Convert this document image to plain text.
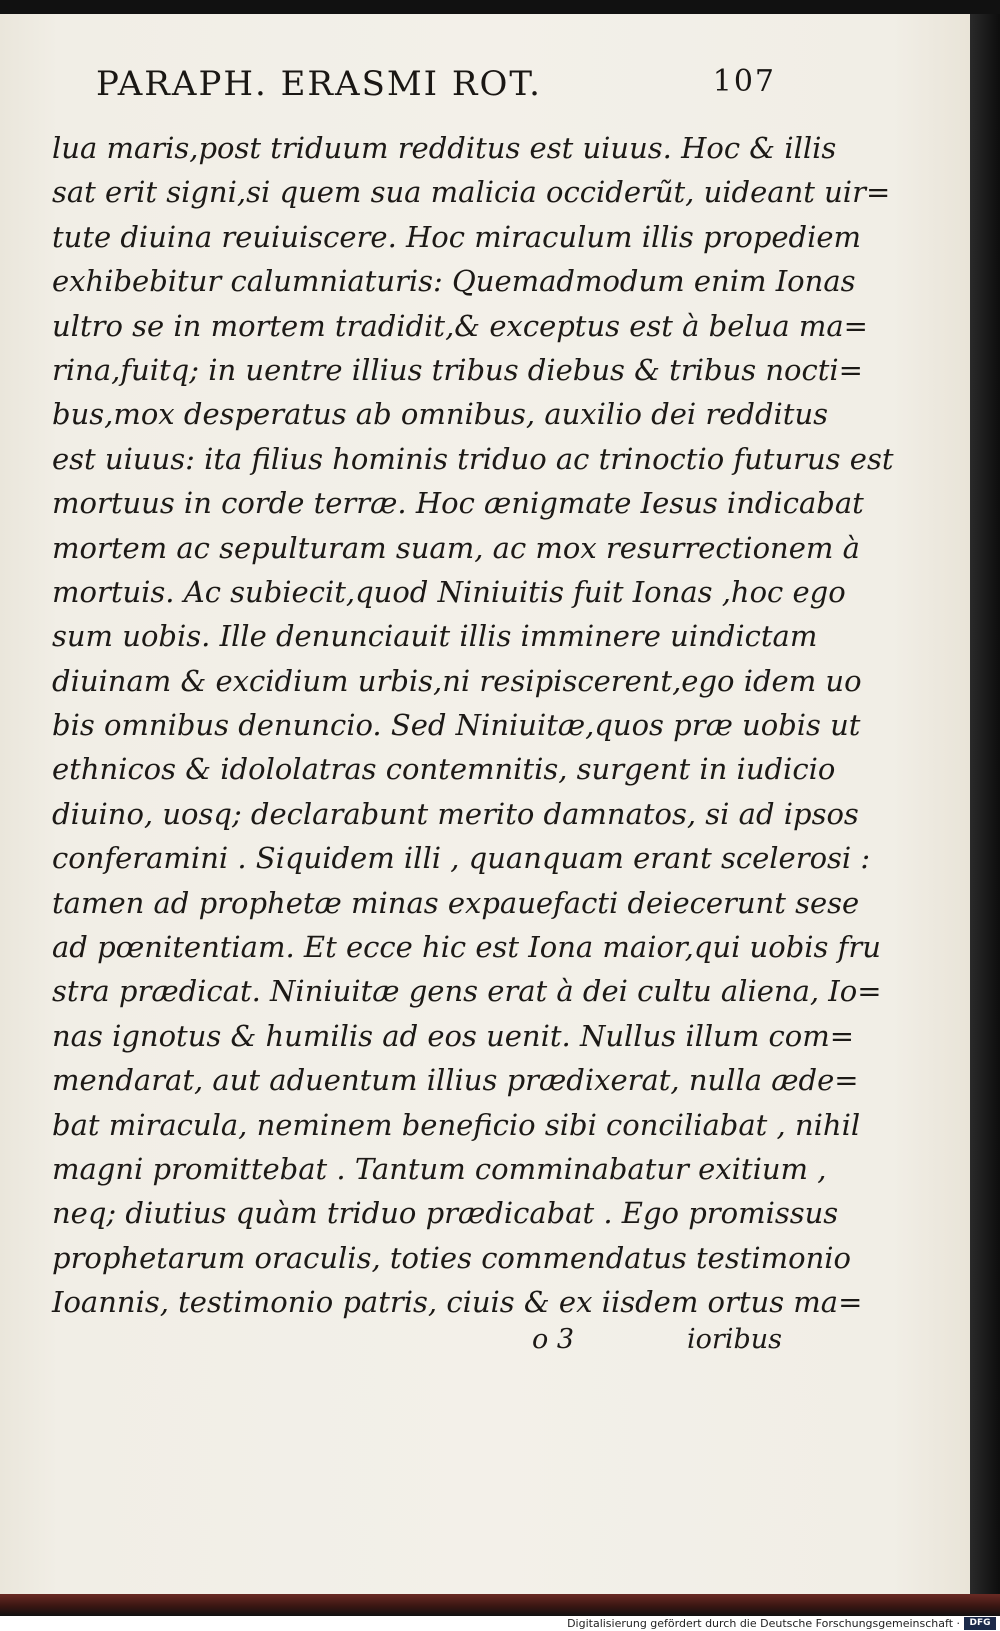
PARAPH. ERASMI ROT.	107
lua maris,post triduum redditus est uiuus. Hoc & illis
sat erit signi,si quem sua malicia occiderũt, uideant uir=
tute diuina reuiuiscere. Hoc miraculum illis propediem
exhibebitur calumniaturis: Quemadmodum enim Ionas
ultro se in mortem tradidit,& exceptus est à belua ma=
rina,fuitq; in uentre illius tribus diebus & tribus nocti=
bus,mox desperatus ab omnibus, auxilio dei redditus
est uiuus: ita filius hominis triduo ac trinoctio futurus est
mortuus in corde terræ. Hoc ænigmate Iesus indicabat
mortem ac sepulturam suam, ac mox resurrectionem à
mortuis. Ac subiecit,quod Niniuitis fuit Ionas ,hoc ego
sum uobis. Ille denunciauit illis imminere uindictam
diuinam & excidium urbis,ni resipiscerent,ego idem uo
bis omnibus denuncio. Sed Niniuitæ,quos præ uobis ut
ethnicos & idololatras contemnitis, surgent in iudicio
diuino, uosq; declarabunt merito damnatos, si ad ipsos
conferamini . Siquidem illi , quanquam erant scelerosi :
tamen ad prophetæ minas expauefacti deiecerunt sese
ad pœnitentiam. Et ecce hic est Iona maior,qui uobis fru
stra prædicat. Niniuitæ gens erat à dei cultu aliena, Io=
nas ignotus & humilis ad eos uenit. Nullus illum com=
mendarat, aut aduentum illius prædixerat, nulla æde=
bat miracula, neminem beneficio sibi conciliabat , nihil
magni promittebat . Tantum comminabatur exitium ,
neq; diutius quàm triduo prædicabat . Ego promissus
prophetarum oraculis, toties commendatus testimonio
Ioannis, testimonio patris, ciuis & ex iisdem ortus ma=
o 3	ioribus
Digitalisierung gefördert durch die Deutsche Forschungsgemeinschaft ·	DFG
